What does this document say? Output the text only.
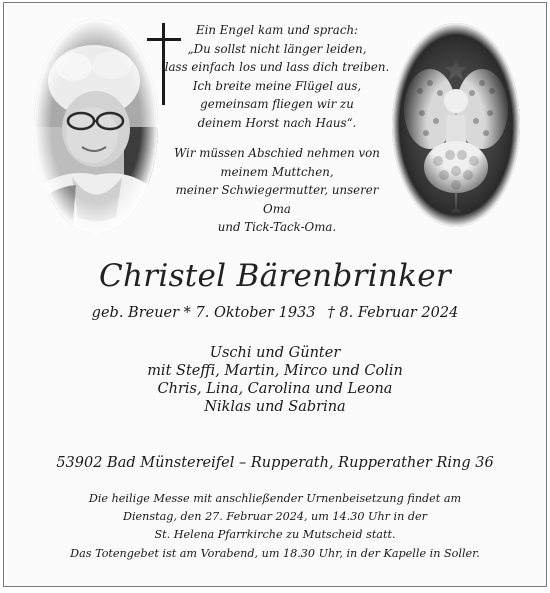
Ein Engel kam und sprach:

„Du sollst nicht länger leiden,

lass einfach los und lass dich treiben.

Ich breite meine Flügel aus,

gemeinsam fliegen wir zu

deinem Horst nach Haus“.

Wir müssen Abschied nehmen von

meinem Muttchen,

meiner Schwiegermutter, unserer Oma

und Tick-Tack-Oma.

Christel Bärenbrinker
geb. Breuer * 7. Oktober 1933 † 8. Februar 2024

Uschi und Günter

mit Steffi, Martin, Mirco und Colin

Chris, Lina, Carolina und Leona

Niklas und Sabrina

53902 Bad Münstereifel – Rupperath, Rupperather Ring 36

Die heilige Messe mit anschließender Urnenbeisetzung findet am

Dienstag, den 27. Februar 2024, um 14.30 Uhr in der

St. Helena Pfarrkirche zu Mutscheid statt.

Das Totengebet ist am Vorabend, um 18.30 Uhr, in der Kapelle in Soller.
